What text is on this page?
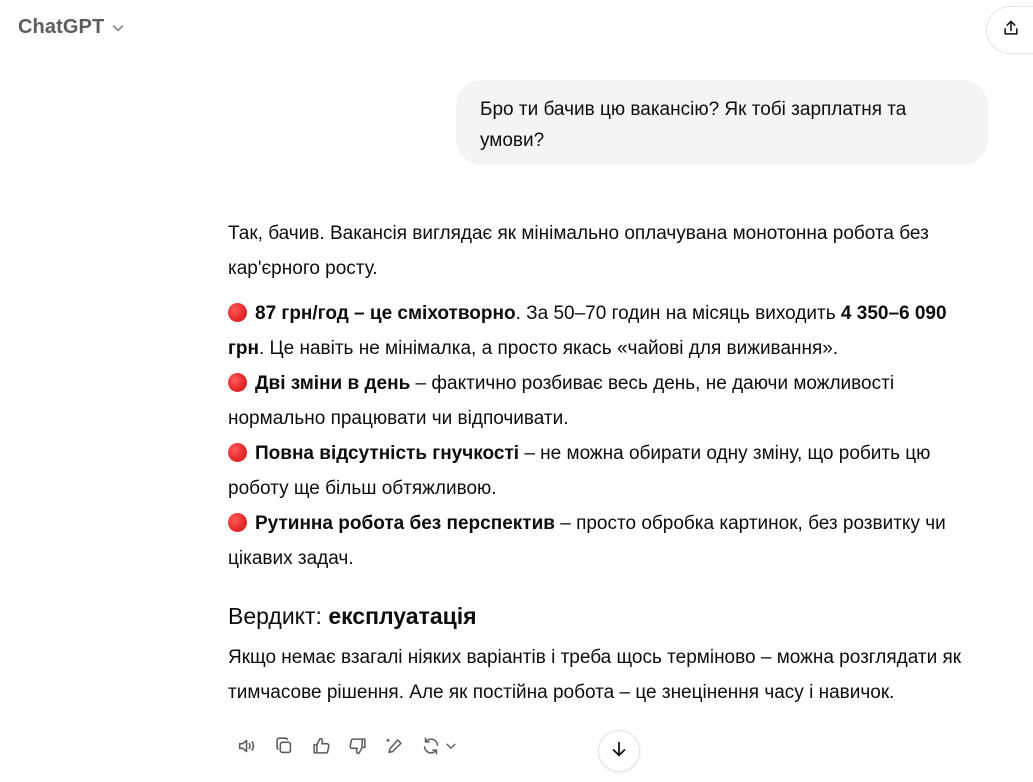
ChatGPT
Бро ти бачив цю вакансію? Як тобі зарплатня та умови?

Так, бачив. Вакансія виглядає як мінімально оплачувана монотонна робота без кар'єрного росту.

87 грн/год – це сміхотворно. За 50–70 годин на місяць виходить 4 350–6 090 грн. Це навіть не мінімалка, а просто якась «чайові для виживання».

Дві зміни в день – фактично розбиває весь день, не даючи можливості нормально працювати чи відпочивати.

Повна відсутність гнучкості – не можна обирати одну зміну, що робить цю роботу ще більш обтяжливою.

Рутинна робота без перспектив – просто обробка картинок, без розвитку чи цікавих задач.

Вердикт: експлуатація

Якщо немає взагалі ніяких варіантів і треба щось терміново – можна розглядати як тимчасове рішення. Але як постійна робота – це знецінення часу і навичок.
